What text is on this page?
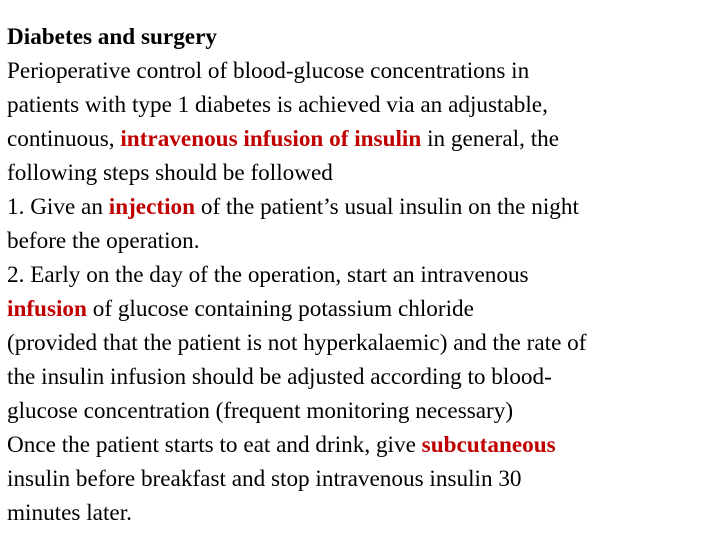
Diabetes and surgery
Perioperative control of blood-glucose concentrations in
patients with type 1 diabetes is achieved via an adjustable,
continuous, intravenous infusion of insulin in general, the
following steps should be followed
1. Give an injection of the patient’s usual insulin on the night
before the operation.
2. Early on the day of the operation, start an intravenous
infusion of glucose containing potassium chloride
(provided that the patient is not hyperkalaemic) and the rate of
the insulin infusion should be adjusted according to blood-
glucose concentration (frequent monitoring necessary)
Once the patient starts to eat and drink, give subcutaneous
insulin before breakfast and stop intravenous insulin 30
minutes later.
